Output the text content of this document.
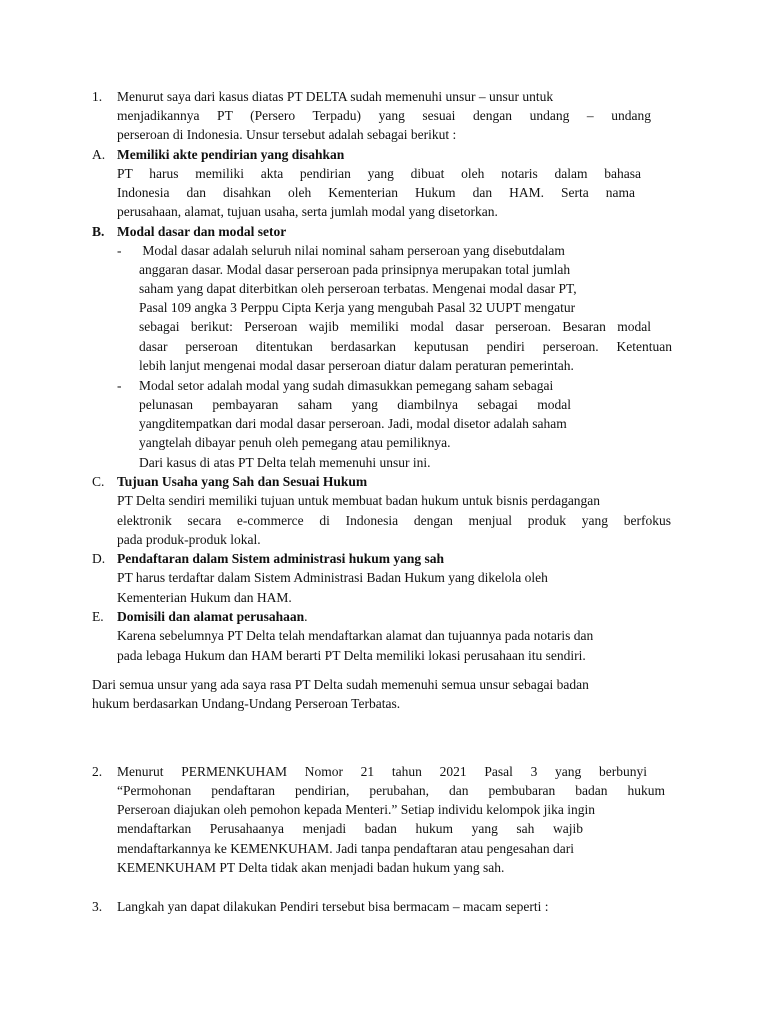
1. Menurut saya dari kasus diatas PT DELTA sudah memenuhi unsur – unsur untuk
menjadikannya PT (Persero Terpadu) yang sesuai dengan undang – undang
perseroan di Indonesia. Unsur tersebut adalah sebagai berikut :
A. Memiliki akte pendirian yang disahkan
PT harus memiliki akta pendirian yang dibuat oleh notaris dalam bahasa
Indonesia dan disahkan oleh Kementerian Hukum dan HAM. Serta nama
perusahaan, alamat, tujuan usaha, serta jumlah modal yang disetorkan.
B. Modal dasar dan modal setor
- Modal dasar adalah seluruh nilai nominal saham perseroan yang disebutdalam
anggaran dasar. Modal dasar perseroan pada prinsipnya merupakan total jumlah
saham yang dapat diterbitkan oleh perseroan terbatas. Mengenai modal dasar PT,
Pasal 109 angka 3 Perppu Cipta Kerja yang mengubah Pasal 32 UUPT mengatur
sebagai berikut: Perseroan wajib memiliki modal dasar perseroan. Besaran modal
dasar perseroan ditentukan berdasarkan keputusan pendiri perseroan. Ketentuan
lebih lanjut mengenai modal dasar perseroan diatur dalam peraturan pemerintah.
- Modal setor adalah modal yang sudah dimasukkan pemegang saham sebagai
pelunasan pembayaran saham yang diambilnya sebagai modal
yangditempatkan dari modal dasar perseroan. Jadi, modal disetor adalah saham
yangtelah dibayar penuh oleh pemegang atau pemiliknya.
Dari kasus di atas PT Delta telah memenuhi unsur ini.
C. Tujuan Usaha yang Sah dan Sesuai Hukum
PT Delta sendiri memiliki tujuan untuk membuat badan hukum untuk bisnis perdagangan
elektronik secara e-commerce di Indonesia dengan menjual produk yang berfokus
pada produk-produk lokal.
D. Pendaftaran dalam Sistem administrasi hukum yang sah
PT harus terdaftar dalam Sistem Administrasi Badan Hukum yang dikelola oleh
Kementerian Hukum dan HAM.
E. Domisili dan alamat perusahaan.
Karena sebelumnya PT Delta telah mendaftarkan alamat dan tujuannya pada notaris dan
pada lebaga Hukum dan HAM berarti PT Delta memiliki lokasi perusahaan itu sendiri.
Dari semua unsur yang ada saya rasa PT Delta sudah memenuhi semua unsur sebagai badan
hukum berdasarkan Undang-Undang Perseroan Terbatas.
2. Menurut PERMENKUHAM Nomor 21 tahun 2021 Pasal 3 yang berbunyi
“Permohonan pendaftaran pendirian, perubahan, dan pembubaran badan hukum
Perseroan diajukan oleh pemohon kepada Menteri.” Setiap individu kelompok jika ingin
mendaftarkan Perusahaanya menjadi badan hukum yang sah wajib
mendaftarkannya ke KEMENKUHAM. Jadi tanpa pendaftaran atau pengesahan dari
KEMENKUHAM PT Delta tidak akan menjadi badan hukum yang sah.
3. Langkah yan dapat dilakukan Pendiri tersebut bisa bermacam – macam seperti :
